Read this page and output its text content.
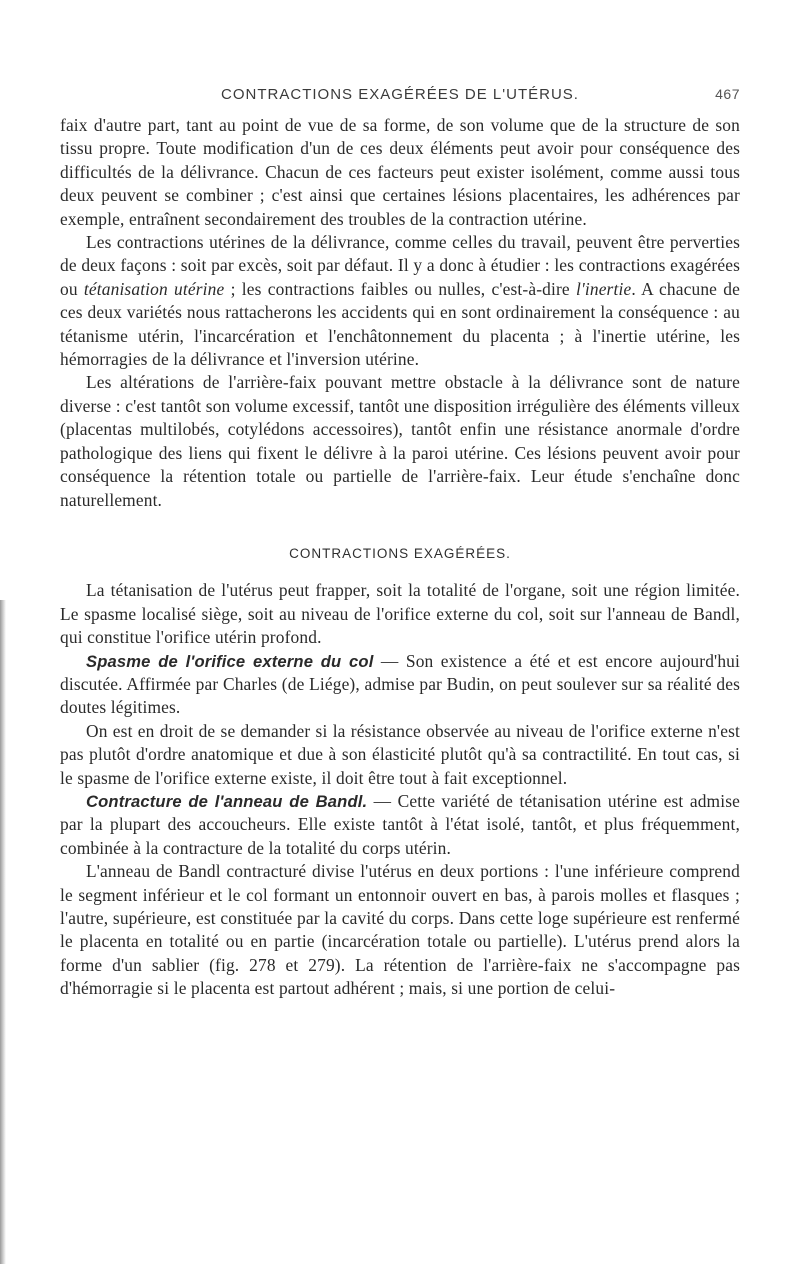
CONTRACTIONS EXAGÉRÉES DE L'UTÉRUS.	467

faix d'autre part, tant au point de vue de sa forme, de son volume que de la structure de son tissu propre. Toute modification d'un de ces deux éléments peut avoir pour conséquence des difficultés de la délivrance. Chacun de ces facteurs peut exister isolément, comme aussi tous deux peuvent se combiner ; c'est ainsi que certaines lésions placentaires, les adhérences par exemple, entraînent secondairement des troubles de la contraction utérine.

Les contractions utérines de la délivrance, comme celles du travail, peuvent être perverties de deux façons : soit par excès, soit par défaut. Il y a donc à étudier : les contractions exagérées ou tétanisation utérine ; les contractions faibles ou nulles, c'est-à-dire l'inertie. A chacune de ces deux variétés nous rattacherons les accidents qui en sont ordinairement la conséquence : au tétanisme utérin, l'incarcération et l'enchâtonnement du placenta ; à l'inertie utérine, les hémorragies de la délivrance et l'inversion utérine.

Les altérations de l'arrière-faix pouvant mettre obstacle à la délivrance sont de nature diverse : c'est tantôt son volume excessif, tantôt une disposition irrégulière des éléments villeux (placentas multilobés, cotylédons accessoires), tantôt enfin une résistance anormale d'ordre pathologique des liens qui fixent le délivre à la paroi utérine. Ces lésions peuvent avoir pour conséquence la rétention totale ou partielle de l'arrière-faix. Leur étude s'enchaîne donc naturellement.

CONTRACTIONS EXAGÉRÉES.

La tétanisation de l'utérus peut frapper, soit la totalité de l'organe, soit une région limitée. Le spasme localisé siège, soit au niveau de l'orifice externe du col, soit sur l'anneau de Bandl, qui constitue l'orifice utérin profond.

Spasme de l'orifice externe du col — Son existence a été et est encore aujourd'hui discutée. Affirmée par Charles (de Liége), admise par Budin, on peut soulever sur sa réalité des doutes légitimes.

On est en droit de se demander si la résistance observée au niveau de l'orifice externe n'est pas plutôt d'ordre anatomique et due à son élasticité plutôt qu'à sa contractilité. En tout cas, si le spasme de l'orifice externe existe, il doit être tout à fait exceptionnel.

Contracture de l'anneau de Bandl. — Cette variété de tétanisation utérine est admise par la plupart des accoucheurs. Elle existe tantôt à l'état isolé, tantôt, et plus fréquemment, combinée à la contracture de la totalité du corps utérin.

L'anneau de Bandl contracturé divise l'utérus en deux portions : l'une inférieure comprend le segment inférieur et le col formant un entonnoir ouvert en bas, à parois molles et flasques ; l'autre, supérieure, est constituée par la cavité du corps. Dans cette loge supérieure est renfermé le placenta en totalité ou en partie (incarcération totale ou partielle). L'utérus prend alors la forme d'un sablier (fig. 278 et 279). La rétention de l'arrière-faix ne s'accompagne pas d'hémorragie si le placenta est partout adhérent ; mais, si une portion de celui-
